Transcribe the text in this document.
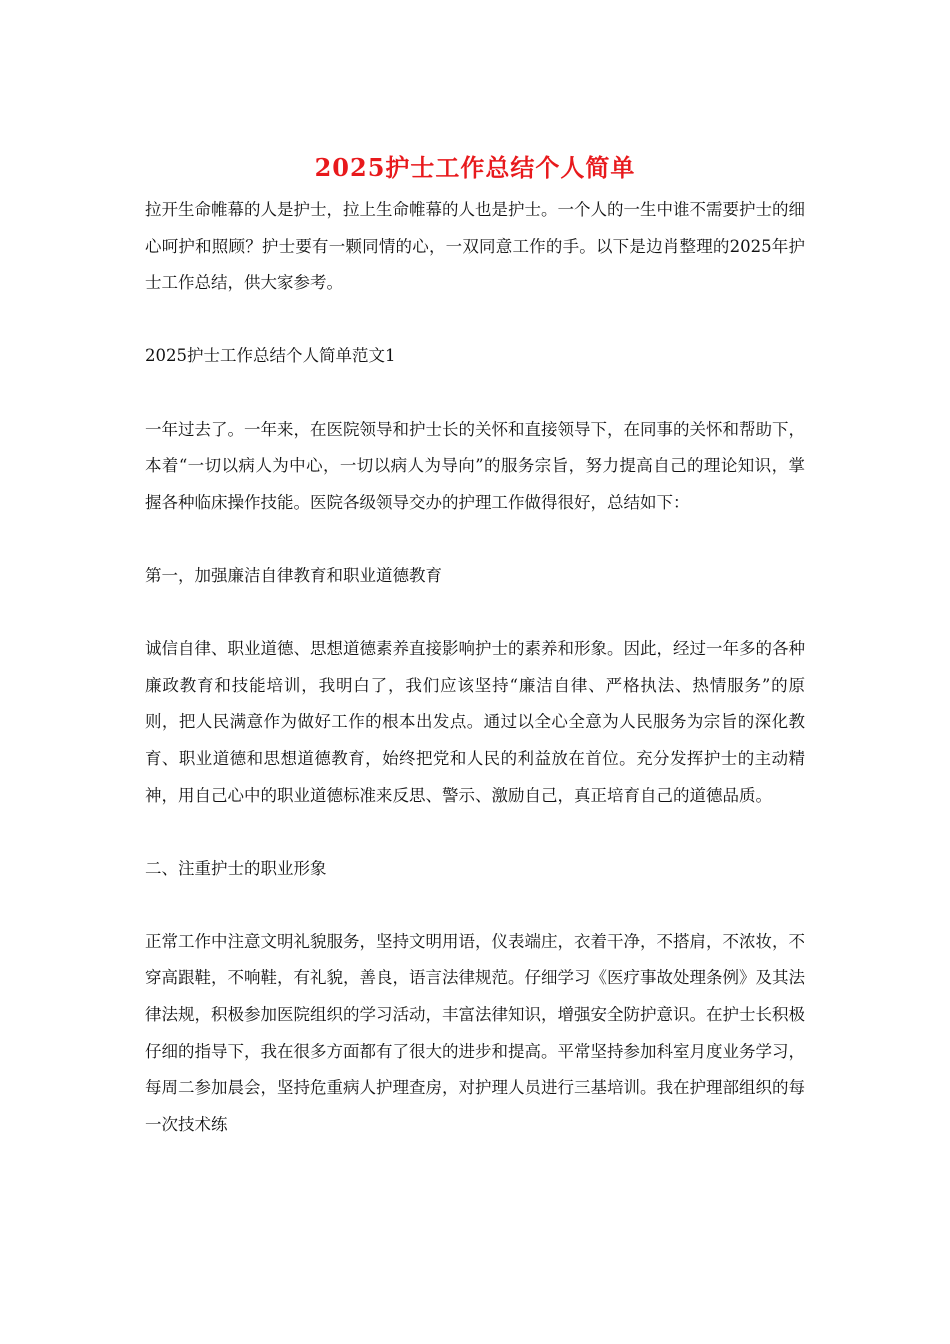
2025护士工作总结个人简单

拉开生命帷幕的人是护士，拉上生命帷幕的人也是护士。一个人的一生中谁不需要护士的细心呵护和照顾？护士要有一颗同情的心，一双同意工作的手。以下是边肖整理的2025年护士工作总结，供大家参考。

2025护士工作总结个人简单范文1

一年过去了。一年来，在医院领导和护士长的关怀和直接领导下，在同事的关怀和帮助下，本着“一切以病人为中心，一切以病人为导向”的服务宗旨，努力提高自己的理论知识，掌握各种临床操作技能。医院各级领导交办的护理工作做得很好，总结如下：

第一，加强廉洁自律教育和职业道德教育

诚信自律、职业道德、思想道德素养直接影响护士的素养和形象。因此，经过一年多的各种廉政教育和技能培训，我明白了，我们应该坚持“廉洁自律、严格执法、热情服务”的原则，把人民满意作为做好工作的根本出发点。通过以全心全意为人民服务为宗旨的深化教育、职业道德和思想道德教育，始终把党和人民的利益放在首位。充分发挥护士的主动精神，用自己心中的职业道德标准来反思、警示、激励自己，真正培育自己的道德品质。

二、注重护士的职业形象

正常工作中注意文明礼貌服务，坚持文明用语，仪表端庄，衣着干净，不搭肩，不浓妆，不穿高跟鞋，不响鞋，有礼貌，善良，语言法律规范。仔细学习《医疗事故处理条例》及其法律法规，积极参加医院组织的学习活动，丰富法律知识，增强安全防护意识。在护士长积极仔细的指导下，我在很多方面都有了很大的进步和提高。平常坚持参加科室月度业务学习，每周二参加晨会，坚持危重病人护理查房，对护理人员进行三基培训。我在护理部组织的每一次技术练
